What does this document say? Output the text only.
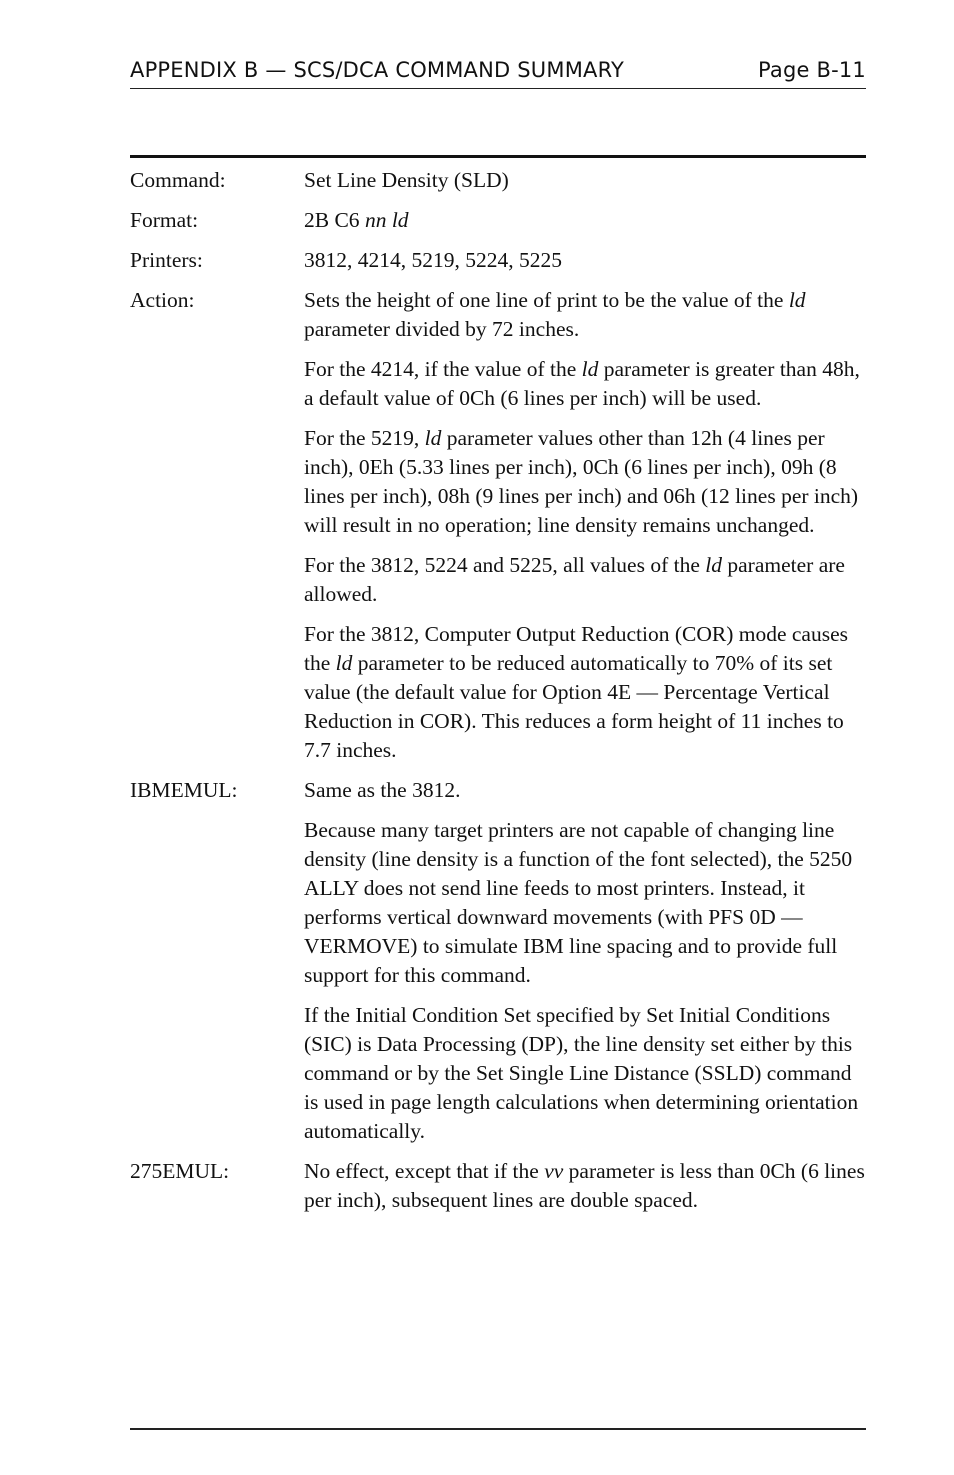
APPENDIX B — SCS/DCA COMMAND SUMMARY	Page B-11
Command:	Set Line Density (SLD)
Format:	2B C6 nn ld
Printers:	3812, 4214, 5219, 5224, 5225
Action:	Sets the height of one line of print to be the value of the ld parameter divided by 72 inches.
For the 4214, if the value of the ld parameter is greater than 48h, a default value of 0Ch (6 lines per inch) will be used.
For the 5219, ld parameter values other than 12h (4 lines per inch), 0Eh (5.33 lines per inch), 0Ch (6 lines per inch), 09h (8 lines per inch), 08h (9 lines per inch) and 06h (12 lines per inch) will result in no operation; line density remains unchanged.
For the 3812, 5224 and 5225, all values of the ld parameter are allowed.
For the 3812, Computer Output Reduction (COR) mode causes the ld parameter to be reduced automatically to 70% of its set value (the default value for Option 4E — Percentage Vertical Reduction in COR). This reduces a form height of 11 inches to 7.7 inches.
IBMEMUL:	Same as the 3812.
Because many target printers are not capable of changing line density (line density is a function of the font selected), the 5250 ALLY does not send line feeds to most printers. Instead, it performs vertical downward movements (with PFS 0D — VERMOVE) to simulate IBM line spacing and to provide full support for this command.
If the Initial Condition Set specified by Set Initial Conditions (SIC) is Data Processing (DP), the line density set either by this command or by the Set Single Line Distance (SSLD) command is used in page length calculations when determining orientation automatically.
275EMUL:	No effect, except that if the vv parameter is less than 0Ch (6 lines per inch), subsequent lines are double spaced.
